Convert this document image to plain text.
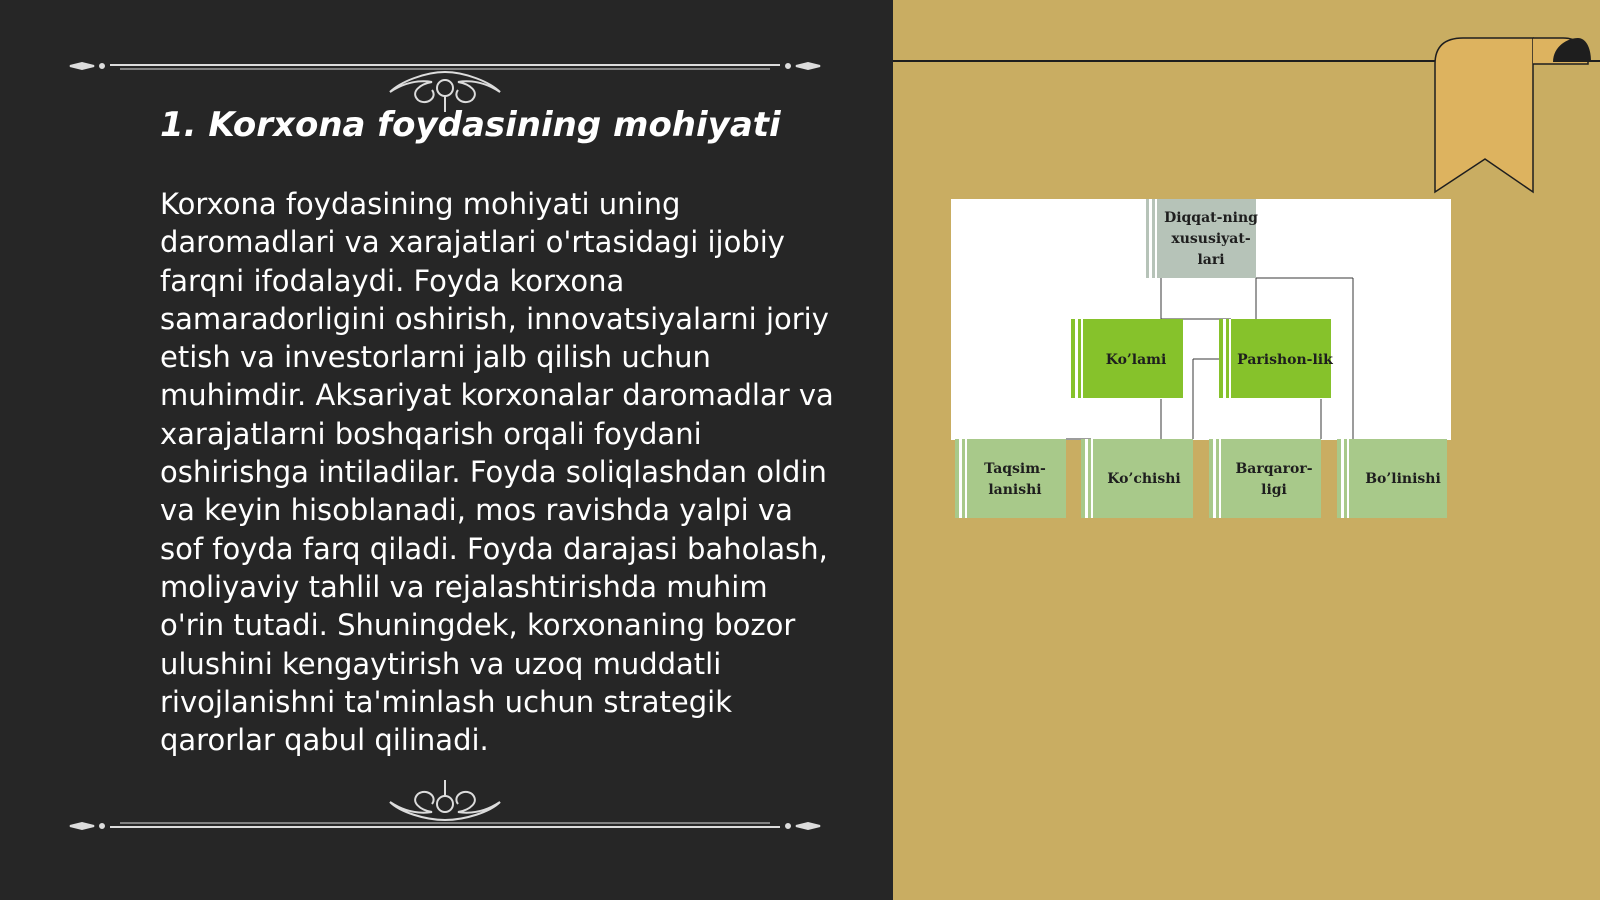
1. Korxona foydasining mohiyati

Korxona foydasining mohiyati uning daromadlari va xarajatlari o'rtasidagi ijobiy farqni ifodalaydi. Foyda korxona samaradorligini oshirish, innovatsiyalarni joriy etish va investorlarni jalb qilish uchun muhimdir. Aksariyat korxonalar daromadlar va xarajatlarni boshqarish orqali foydani oshirishga intiladilar. Foyda soliqlashdan oldin va keyin hisoblanadi, mos ravishda yalpi va sof foyda farq qiladi. Foyda darajasi baholash, moliyaviy tahlil va rejalashtirishda muhim o'rin tutadi. Shuningdek, korxonaning bozor ulushini kengaytirish va uzoq muddatli rivojlanishni ta'minlash uchun strategik qarorlar qabul qilinadi.

Diqqat-ning
xususiyat-
lari
Ko’lami	Parishon-lik
Taqsim-
lanishi
Ko’chishi
Barqaror-
ligi
Bo’linishi
